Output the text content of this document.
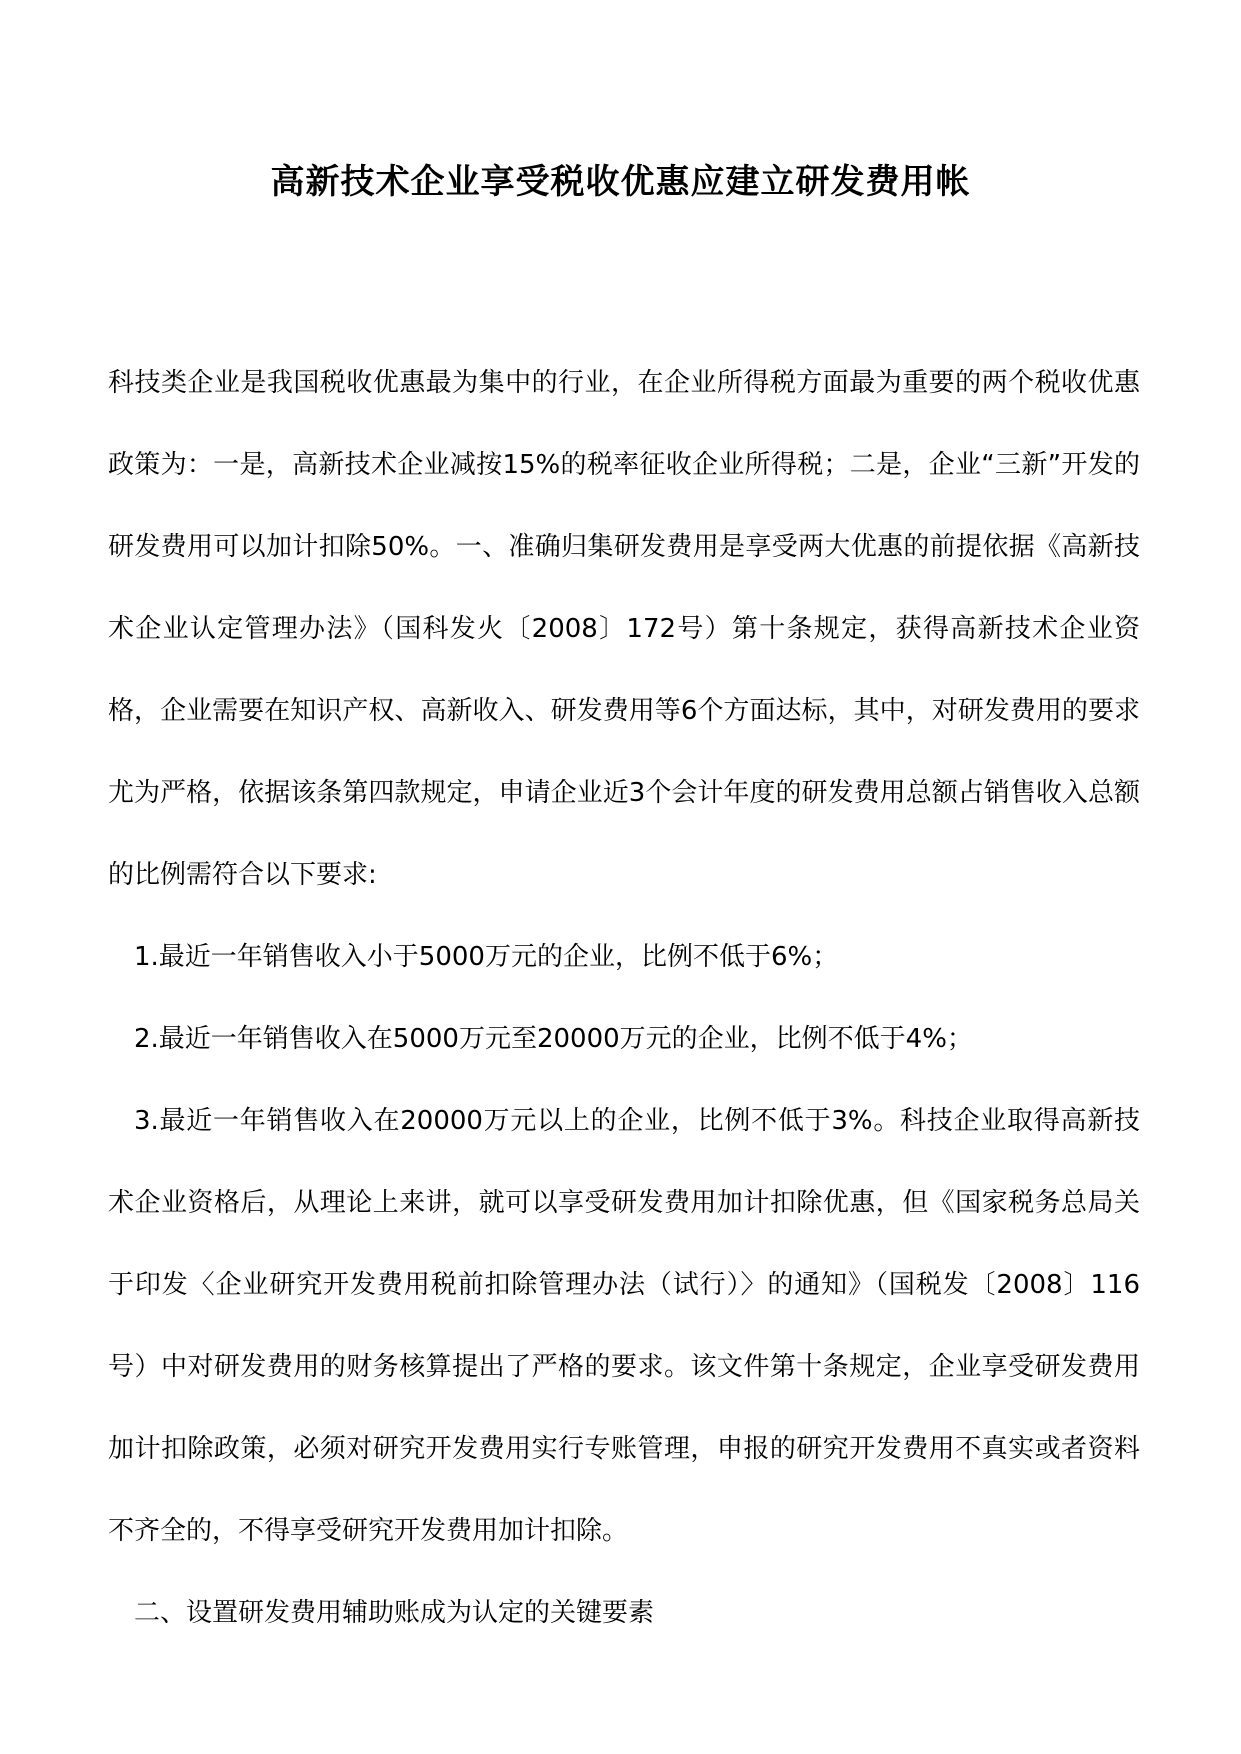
高新技术企业享受税收优惠应建立研发费用帐

科技类企业是我国税收优惠最为集中的行业，在企业所得税方面最为重要的两个税收优惠政策为：一是，高新技术企业减按15%的税率征收企业所得税；二是，企业“三新”开发的研发费用可以加计扣除50%。一、准确归集研发费用是享受两大优惠的前提依据《高新技术企业认定管理办法》（国科发火〔2008〕172号）第十条规定，获得高新技术企业资格，企业需要在知识产权、高新收入、研发费用等6个方面达标，其中，对研发费用的要求尤为严格，依据该条第四款规定，申请企业近3个会计年度的研发费用总额占销售收入总额的比例需符合以下要求:

1.最近一年销售收入小于5000万元的企业，比例不低于6%；

2.最近一年销售收入在5000万元至20000万元的企业，比例不低于4%；

3.最近一年销售收入在20000万元以上的企业，比例不低于3%。科技企业取得高新技术企业资格后，从理论上来讲，就可以享受研发费用加计扣除优惠，但《国家税务总局关于印发〈企业研究开发费用税前扣除管理办法（试行）〉的通知》（国税发〔2008〕116号）中对研发费用的财务核算提出了严格的要求。该文件第十条规定，企业享受研发费用加计扣除政策，必须对研究开发费用实行专账管理，申报的研究开发费用不真实或者资料不齐全的，不得享受研究开发费用加计扣除。

二、设置研发费用辅助账成为认定的关键要素
